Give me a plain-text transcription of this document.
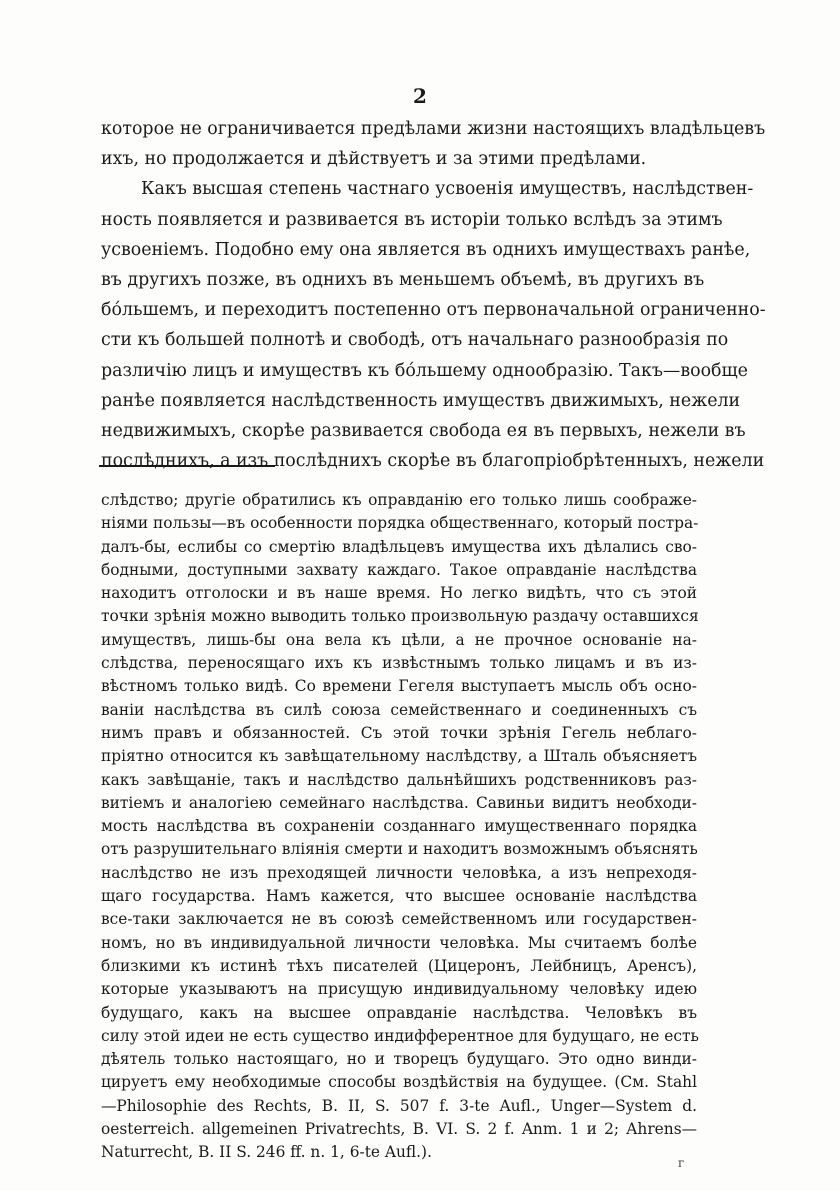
2
которое не ограничивается предѣлами жизни настоящихъ владѣльцевъ
ихъ, но продолжается и дѣйствуетъ и за этими предѣлами.
Какъ высшая степень частнаго усвоенія имуществъ, наслѣдствен-
ность появляется и развивается въ исторіи только вслѣдъ за этимъ
усвоеніемъ. Подобно ему она является въ однихъ имуществахъ ранѣе,
въ другихъ позже, въ однихъ въ меньшемъ объемѣ, въ другихъ въ
бо́льшемъ, и переходитъ постепенно отъ первоначальной ограниченно-
сти къ большей полнотѣ и свободѣ, отъ начальнаго разнообразія по
различію лицъ и имуществъ къ бо́льшему однообразію. Такъ—вообще
ранѣе появляется наслѣдственность имуществъ движимыхъ, нежели
недвижимыхъ, скорѣе развивается свобода ея въ первыхъ, нежели въ
послѣднихъ, а изъ послѣднихъ скорѣе въ благопріобрѣтенныхъ, нежели
слѣдство; другіе обратились къ оправданію его только лишь соображе-
ніями пользы—въ особенности порядка общественнаго, который пострa-
далъ-бы, еслибы со смертію владѣльцевъ имущества ихъ дѣлались сво-
бодными, доступными захвату каждаго. Такое оправданіе наслѣдства
находитъ отголоски и въ наше время. Но легко видѣть, что съ этой
точки зрѣнія можно выводить только произвольную раздачу оставшихся
имуществъ, лишь-бы она вела къ цѣли, а не прочное основаніе на-
слѣдства, переносящаго ихъ къ извѣстнымъ только лицамъ и въ из-
вѣстномъ только видѣ. Со времени Гегеля выступаетъ мысль объ осно-
ваніи наслѣдства въ силѣ союза семейственнаго и соединенныхъ съ
нимъ правъ и обязанностей. Съ этой точки зрѣнія Гегель неблаго-
пріятно относится къ завѣщательному наслѣдству, а Шталь объясняетъ
какъ завѣщаніе, такъ и наслѣдство дальнѣйшихъ родственниковъ раз-
витіемъ и аналогіею семейнаго наслѣдства. Савиньи видитъ необходи-
мость наслѣдства въ сохраненіи созданнаго имущественнаго порядка
отъ разрушительнаго вліянія смерти и находитъ возможнымъ объяснять
наслѣдство не изъ преходящей личности человѣка, а изъ непреходя-
щаго государства. Намъ кажется, что высшее основаніе наслѣдства
все-таки заключается не въ союзѣ семейственномъ или государствен-
номъ, но въ индивидуальной личности человѣка. Мы считаемъ болѣе
близкими къ истинѣ тѣхъ писателей (Цицеронъ, Лейбницъ, Аренсъ),
которые указываютъ на присущую индивидуальному человѣку идею
будущаго, какъ на высшее оправданіе наслѣдства. Человѣкъ въ
силу этой идеи не есть существо индифферентное для будущаго, не есть
дѣятель только настоящаго, но и творецъ будущаго. Это одно винди-
цируетъ ему необходимые способы воздѣйствія на будущее. (См. Stahl
—Philosophie des Rechts, B. II, S. 507 f. 3-te Aufl., Unger—System d.
oesterreich. allgemeinen Privatrechts, B. VI. S. 2 f. Anm. 1 и 2; Ahrens—
Naturrecht, B. II S. 246 ff. n. 1, 6-te Aufl.).
г
